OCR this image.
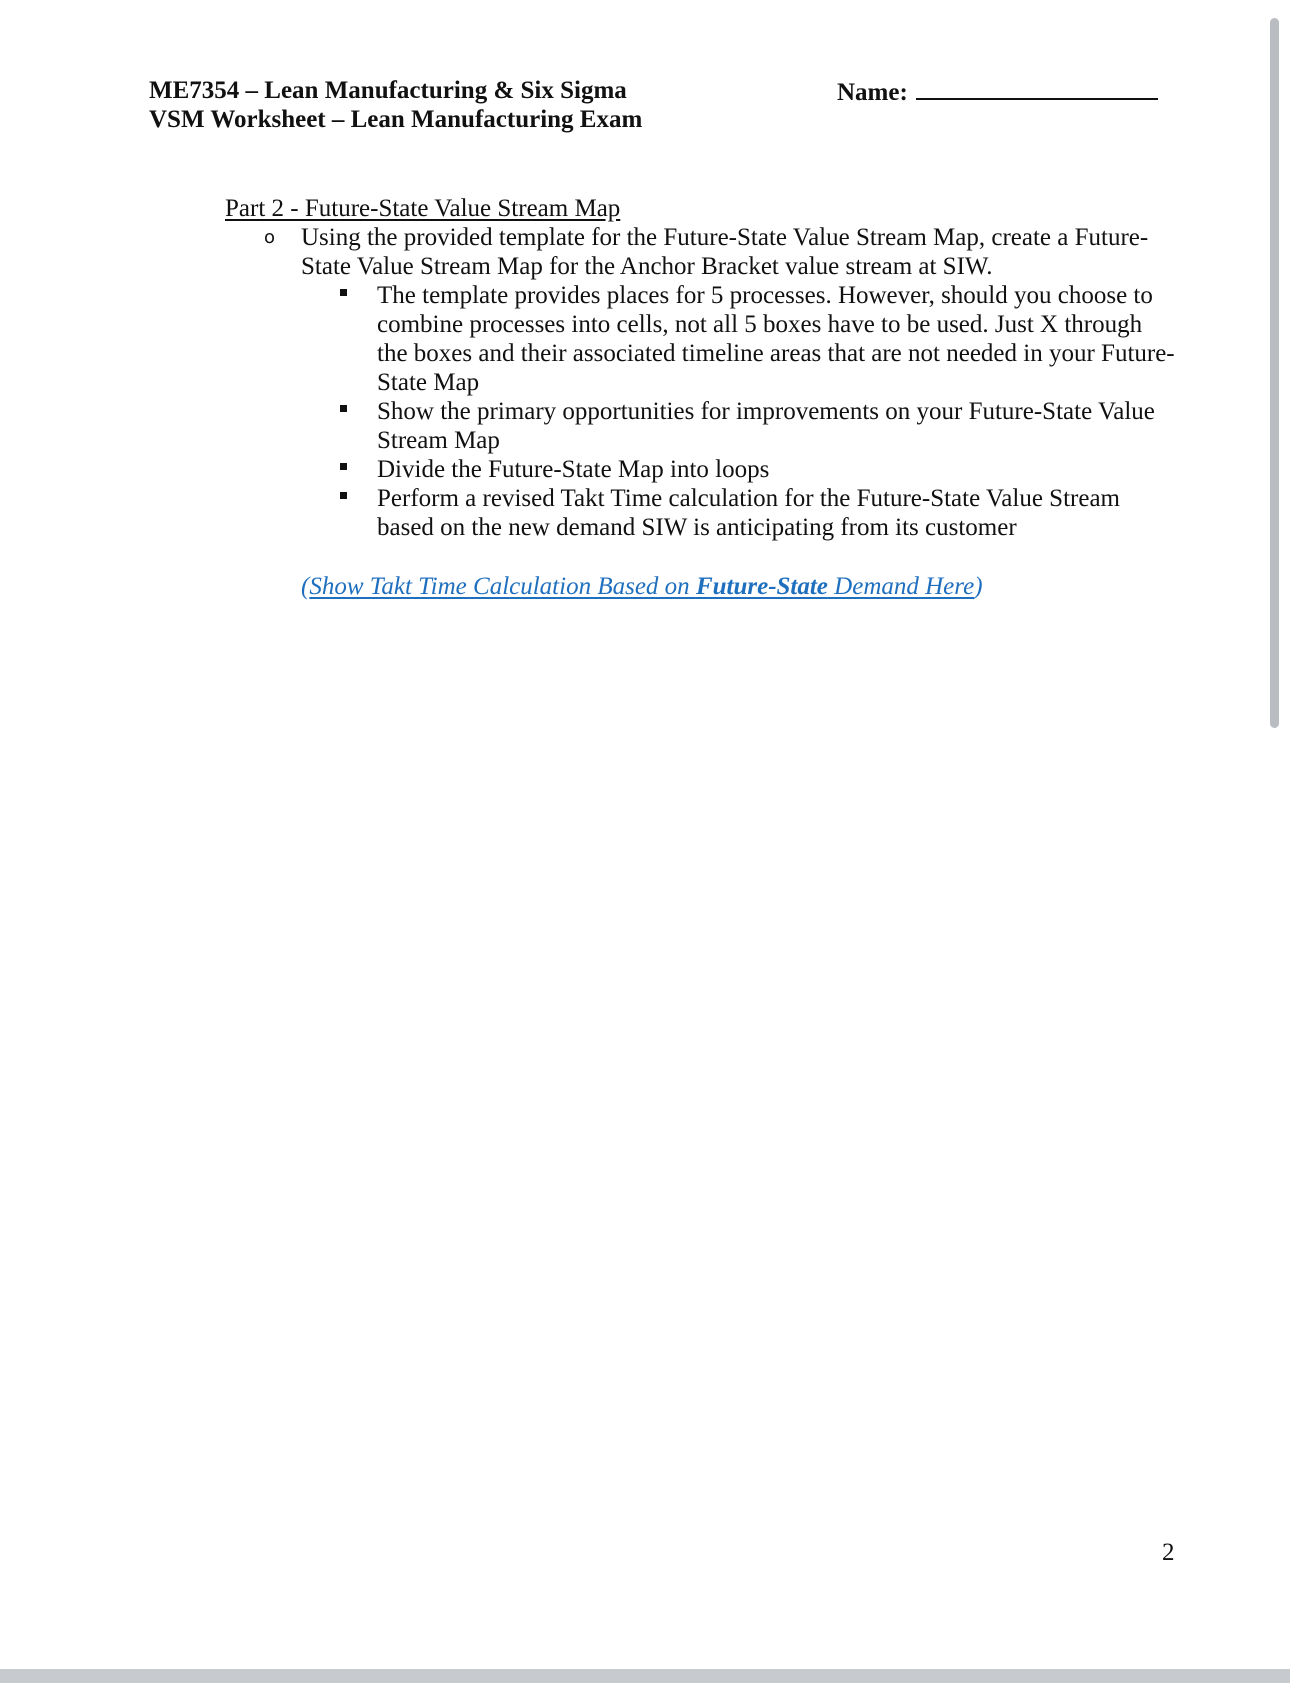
ME7354 – Lean Manufacturing & Six Sigma
VSM Worksheet – Lean Manufacturing Exam
Name:
Part 2 - Future-State Value Stream Map
o Using the provided template for the Future-State Value Stream Map, create a Future-State Value Stream Map for the Anchor Bracket value stream at SIW.
The template provides places for 5 processes. However, should you choose to combine processes into cells, not all 5 boxes have to be used. Just X through the boxes and their associated timeline areas that are not needed in your Future-State Map
Show the primary opportunities for improvements on your Future-State Value Stream Map
Divide the Future-State Map into loops
Perform a revised Takt Time calculation for the Future-State Value Stream based on the new demand SIW is anticipating from its customer
(Show Takt Time Calculation Based on Future-State Demand Here)
2
